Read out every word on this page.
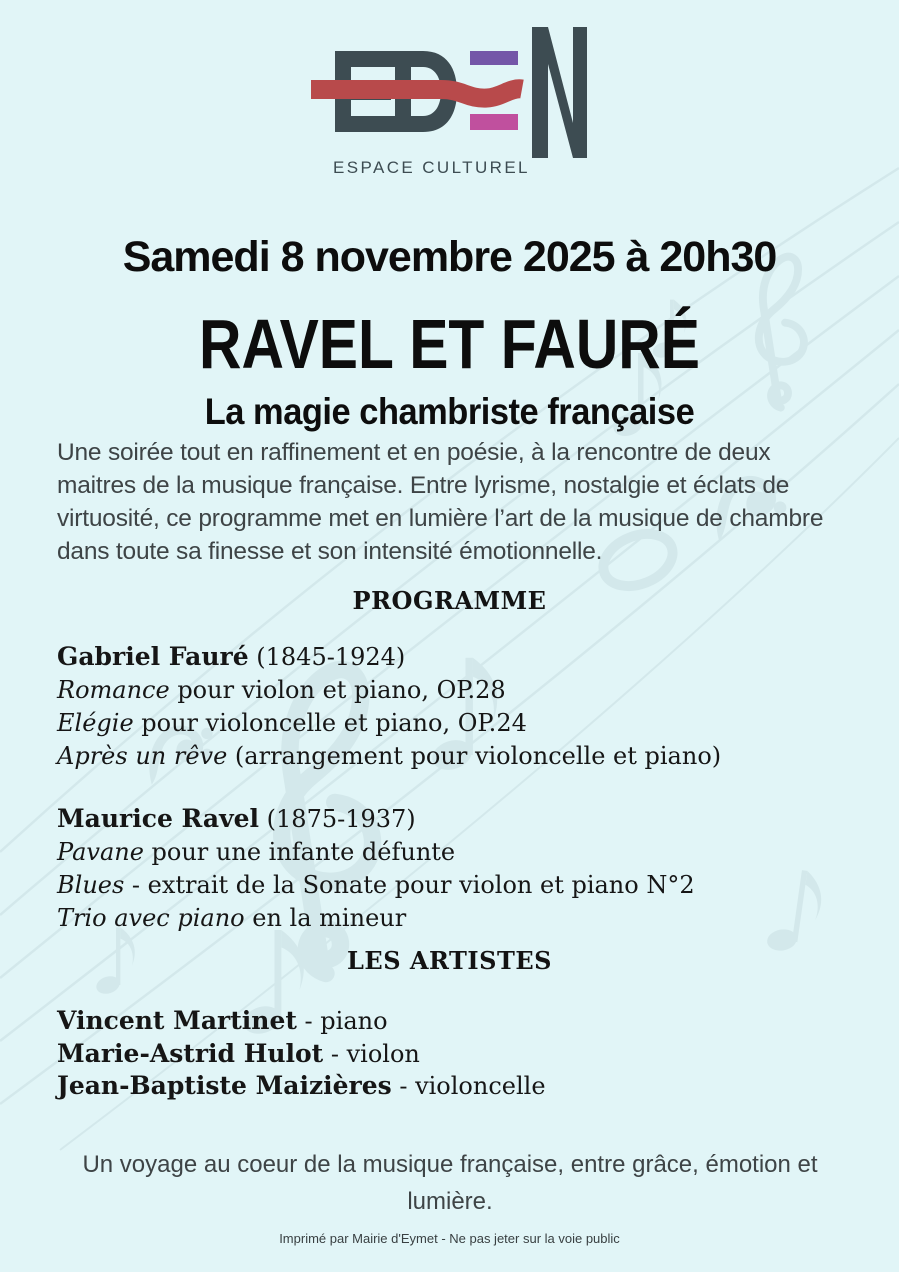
ESPACE CULTUREL
Samedi 8 novembre 2025 à 20h30
RAVEL ET FAURÉ
La magie chambriste française

Une soirée tout en raffinement et en poésie, à la rencontre de deux maitres de la musique française. Entre lyrisme, nostalgie et éclats de virtuosité, ce programme met en lumière l’art de la musique de chambre dans toute sa finesse et son intensité émotionnelle.

PROGRAMME
Gabriel Fauré (1845-1924)
Romance pour violon et piano, OP.28
Elégie pour violoncelle et piano, OP.24
Après un rêve (arrangement pour violoncelle et piano)
Maurice Ravel (1875-1937)
Pavane pour une infante défunte
Blues - extrait de la Sonate pour violon et piano N°2
Trio avec piano en la mineur
LES ARTISTES
Vincent Martinet - piano
Marie-Astrid Hulot - violon
Jean-Baptiste Maizières - violoncelle

Un voyage au coeur de la musique française, entre grâce, émotion et lumière.

Imprimé par Mairie d'Eymet - Ne pas jeter sur la voie public
